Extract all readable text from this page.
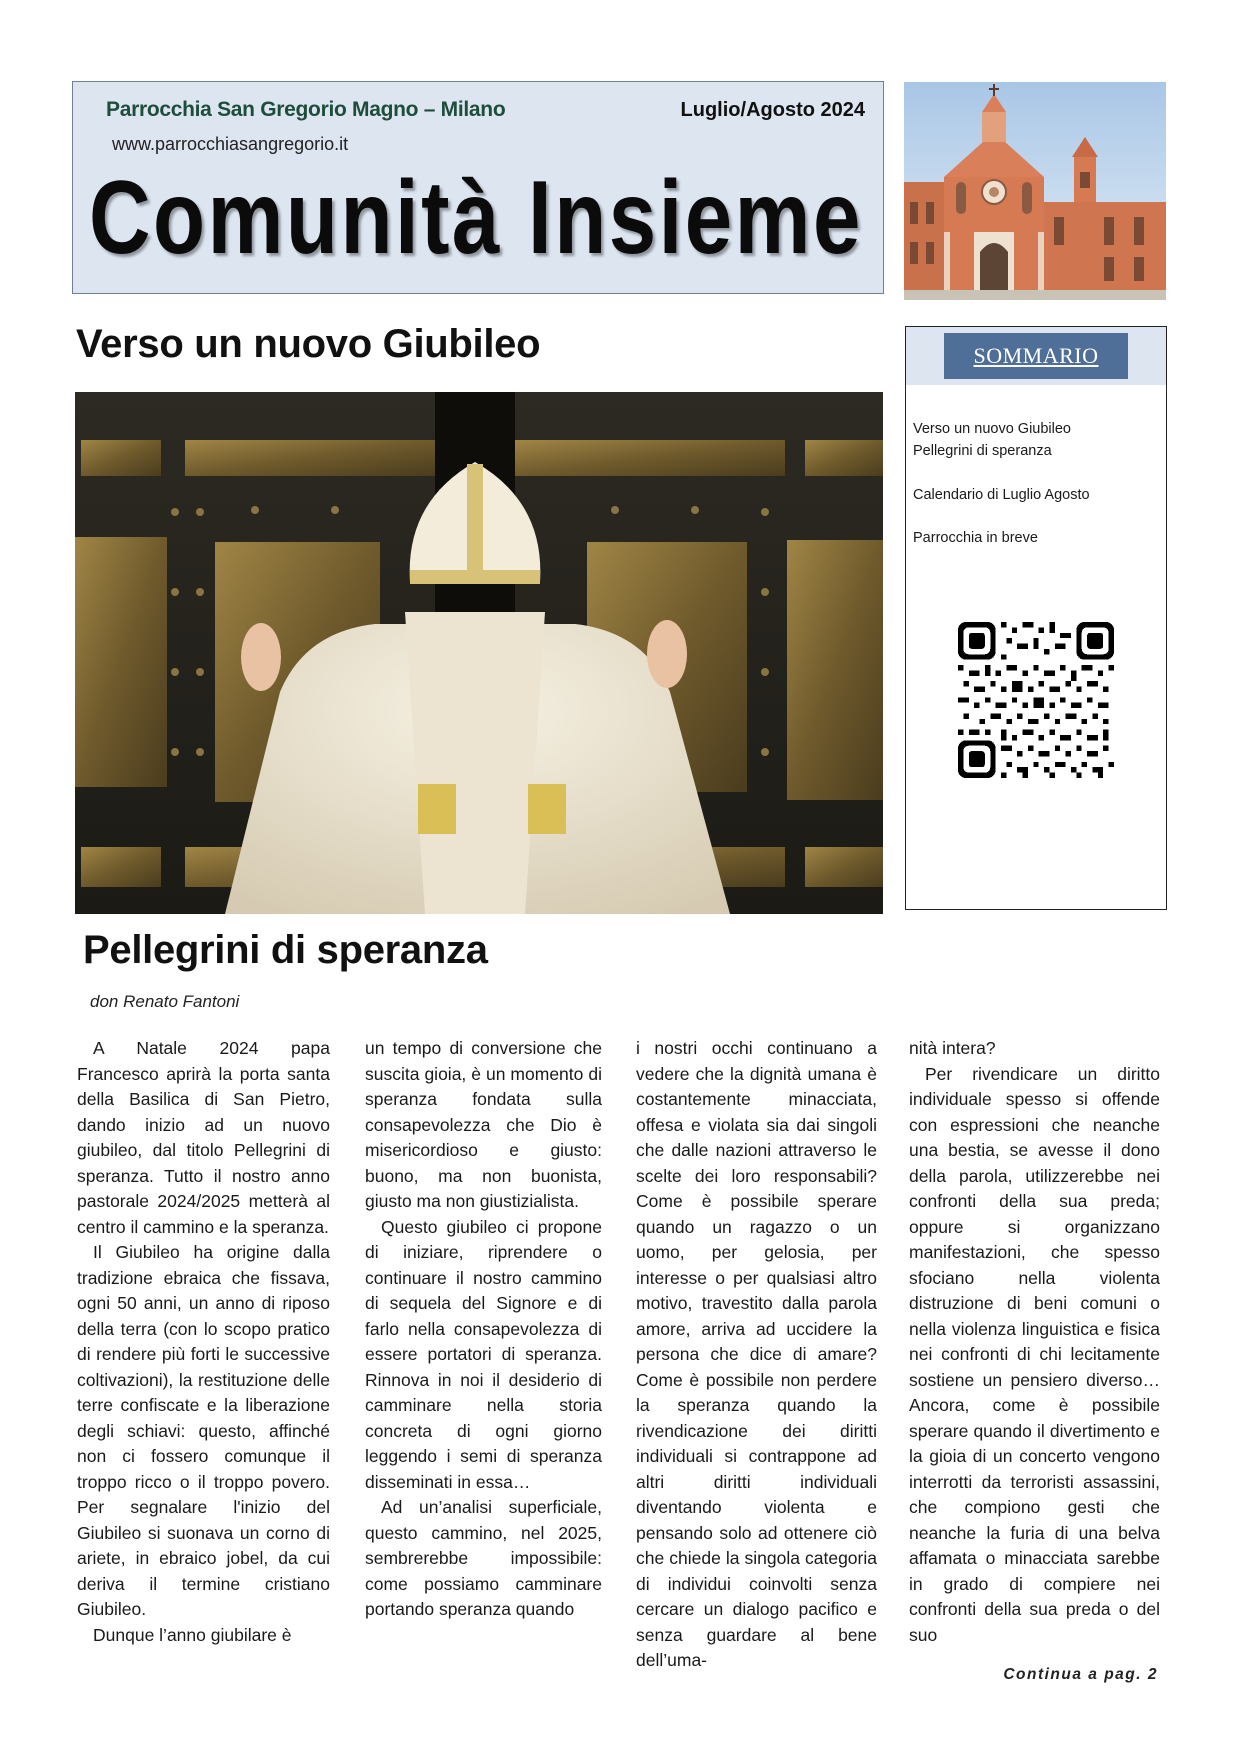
Parrocchia San Gregorio Magno – Milano	Luglio/Agosto 2024
www.parrocchiasangregorio.it
Comunità Insieme
Verso un nuovo Giubileo	SOMMARIO
Verso un nuovo Giubileo
Pellegrini di speranza
Calendario di Luglio Agosto
Parrocchia in breve
Pellegrini di speranza
don Renato Fantoni

A Natale 2024 papa Francesco aprirà la porta santa della Basilica di San Pietro, dando inizio ad un nuovo giubileo, dal titolo Pellegrini di speranza. Tutto il nostro anno pastorale 2024/2025 metterà al centro il cammino e la speranza.

Il Giubileo ha origine dalla tradizione ebraica che fissava, ogni 50 anni, un anno di riposo della terra (con lo scopo pratico di rendere più forti le successive coltivazioni), la restituzione delle terre confiscate e la liberazione degli schiavi: questo, affinché non ci fossero comunque il troppo ricco o il troppo povero. Per segnalare l'inizio del Giubileo si suonava un corno di ariete, in ebraico jobel, da cui deriva il termine cristiano Giubileo.

Dunque l’anno giubilare è

un tempo di conversione che suscita gioia, è un momento di speranza fondata sulla consapevolezza che Dio è misericordioso e giusto: buono, ma non buonista, giusto ma non giustizialista.

Questo giubileo ci propone di iniziare, riprendere o continuare il nostro cammino di sequela del Signore e di farlo nella consapevolezza di essere portatori di speranza. Rinnova in noi il desiderio di camminare nella storia concreta di ogni giorno leggendo i semi di speranza disseminati in essa…

Ad un’analisi superficiale, questo cammino, nel 2025, sembrerebbe impossibile: come possiamo camminare portando speranza quando

i nostri occhi continuano a vedere che la dignità umana è costantemente minacciata, offesa e violata sia dai singoli che dalle nazioni attraverso le scelte dei loro responsabili? Come è possibile sperare quando un ragazzo o un uomo, per gelosia, per interesse o per qualsiasi altro motivo, travestito dalla parola amore, arriva ad uccidere la persona che dice di amare? Come è possibile non perdere la speranza quando la rivendicazione dei diritti individuali si contrappone ad altri diritti individuali diventando violenta e pensando solo ad ottenere ciò che chiede la singola categoria di individui coinvolti senza cercare un dialogo pacifico e senza guardare al bene dell’uma-

nità intera?

Per rivendicare un diritto individuale spesso si offende con espressioni che neanche una bestia, se avesse il dono della parola, utilizzerebbe nei confronti della sua preda; oppure si organizzano manifestazioni, che spesso sfociano nella violenta distruzione di beni comuni o nella violenza linguistica e fisica nei confronti di chi lecitamente sostiene un pensiero diverso… Ancora, come è possibile sperare quando il divertimento e la gioia di un concerto vengono interrotti da terroristi assassini, che compiono gesti che neanche la furia di una belva affamata o minacciata sarebbe in grado di compiere nei confronti della sua preda o del suo

Continua a pag. 2
